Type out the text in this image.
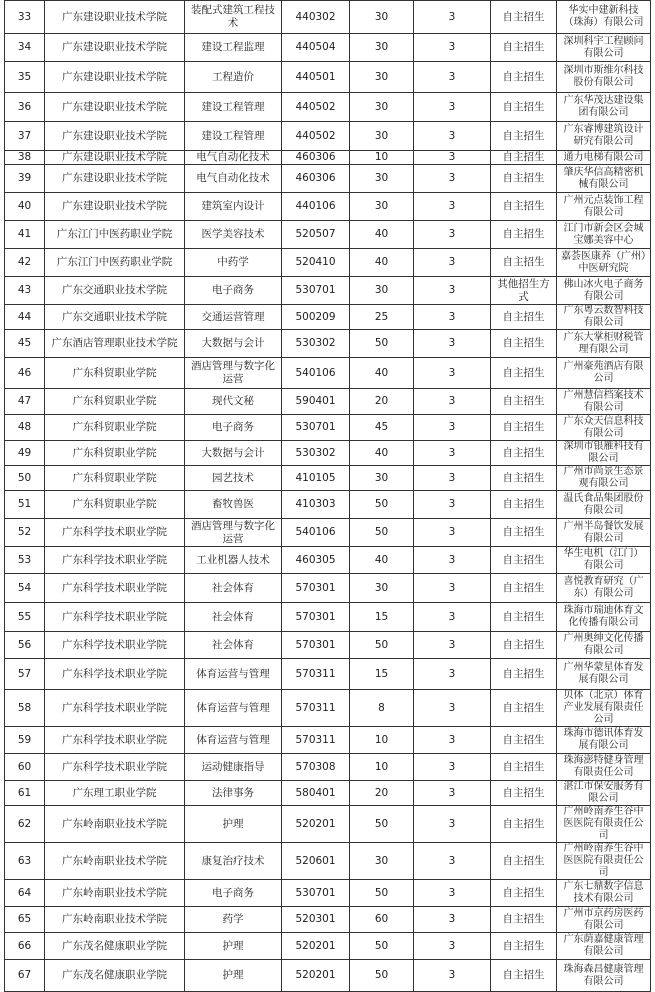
33	广东建设职业技术学院	装配式建筑工程技术	440302	30	3	自主招生	华实中建新科技（珠海）有限公司
34	广东建设职业技术学院	建设工程监理	440504	30	3	自主招生	深圳科宇工程顾问有限公司
35	广东建设职业技术学院	工程造价	440501	30	3	自主招生	深圳市斯维尔科技股份有限公司
36	广东建设职业技术学院	建设工程管理	440502	30	3	自主招生	广东华茂达建设集团有限公司
37	广东建设职业技术学院	建设工程管理	440502	30	3	自主招生	广东睿博建筑设计研究有限公司
38	广东建设职业技术学院	电气自动化技术	460306	10	3	自主招生	通力电梯有限公司
39	广东建设职业技术学院	电气自动化技术	460306	30	3	自主招生	肇庆华信高精密机械有限公司
40	广东建设职业技术学院	建筑室内设计	440106	30	3	自主招生	广州元点装饰工程有限公司
41	广东江门中医药职业学院	医学美容技术	520507	40	3	自主招生	江门市新会区会城宝娜美容中心
42	广东江门中医药职业学院	中药学	520410	40	3	自主招生	嘉荟医康养（广州）中医研究院
43	广东交通职业技术学院	电子商务	530701	30	3	其他招生方式	佛山冰火电子商务有限公司
44	广东交通职业技术学院	交通运营管理	500209	25	3	自主招生	广东粤云数智科技有限公司
45	广东酒店管理职业技术学院	大数据与会计	530302	50	3	自主招生	广东大掌柜财税管理有限公司
46	广东科贸职业学院	酒店管理与数字化运营	540106	40	3	自主招生	广州豪苑酒店有限公司
47	广东科贸职业学院	现代文秘	590401	20	3	自主招生	广州慧信档案技术有限公司
48	广东科贸职业学院	电子商务	530701	45	3	自主招生	广东众天信息科技有限公司
49	广东科贸职业学院	大数据与会计	530302	40	3	自主招生	深圳市银雁科技有限公司
50	广东科贸职业学院	园艺技术	410105	30	3	自主招生	广州市尚景生态景观有限公司
51	广东科贸职业学院	畜牧兽医	410303	50	3	自主招生	温氏食品集团股份有限公司
52	广东科学技术职业学院	酒店管理与数字化运营	540106	50	3	自主招生	广州半岛餐饮发展有限公司
53	广东科学技术职业学院	工业机器人技术	460305	40	3	自主招生	华生电机（江门）有限公司
54	广东科学技术职业学院	社会体育	570301	30	3	自主招生	喜悦教育研究（广东）有限公司
55	广东科学技术职业学院	社会体育	570301	15	3	自主招生	珠海市瑞迪体育文化传播有限公司
56	广东科学技术职业学院	社会体育	570301	50	3	自主招生	广州奥绅文化传播有限公司
57	广东科学技术职业学院	体育运营与管理	570311	15	3	自主招生	广州华蒙星体育发展有限公司
58	广东科学技术职业学院	体育运营与管理	570311	8	3	自主招生	贝体（北京）体育产业发展有限责任公司
59	广东科学技术职业学院	体育运营与管理	570311	10	3	自主招生	珠海市德讯体育发展有限公司
60	广东科学技术职业学院	运动健康指导	570308	10	3	自主招生	珠海澎特健身管理有限责任公司
61	广东理工职业学院	法律事务	580401	20	3	自主招生	湛江市保安服务有限公司
62	广东岭南职业技术学院	护理	520201	50	3	自主招生	广州岭南养生谷中医医院有限责任公司
63	广东岭南职业技术学院	康复治疗技术	520601	30	3	自主招生	广州岭南养生谷中医医院有限责任公司
64	广东岭南职业技术学院	电子商务	530701	50	3	自主招生	广东七鼎数字信息技术有限公司
65	广东岭南职业技术学院	药学	520301	60	3	自主招生	广州市京药房医药有限公司
66	广东茂名健康职业学院	护理	520201	50	3	自主招生	广东荫嘉健康管理有限公司
67	广东茂名健康职业学院	护理	520201	50	3	自主招生	珠海森昌健康管理有限公司
